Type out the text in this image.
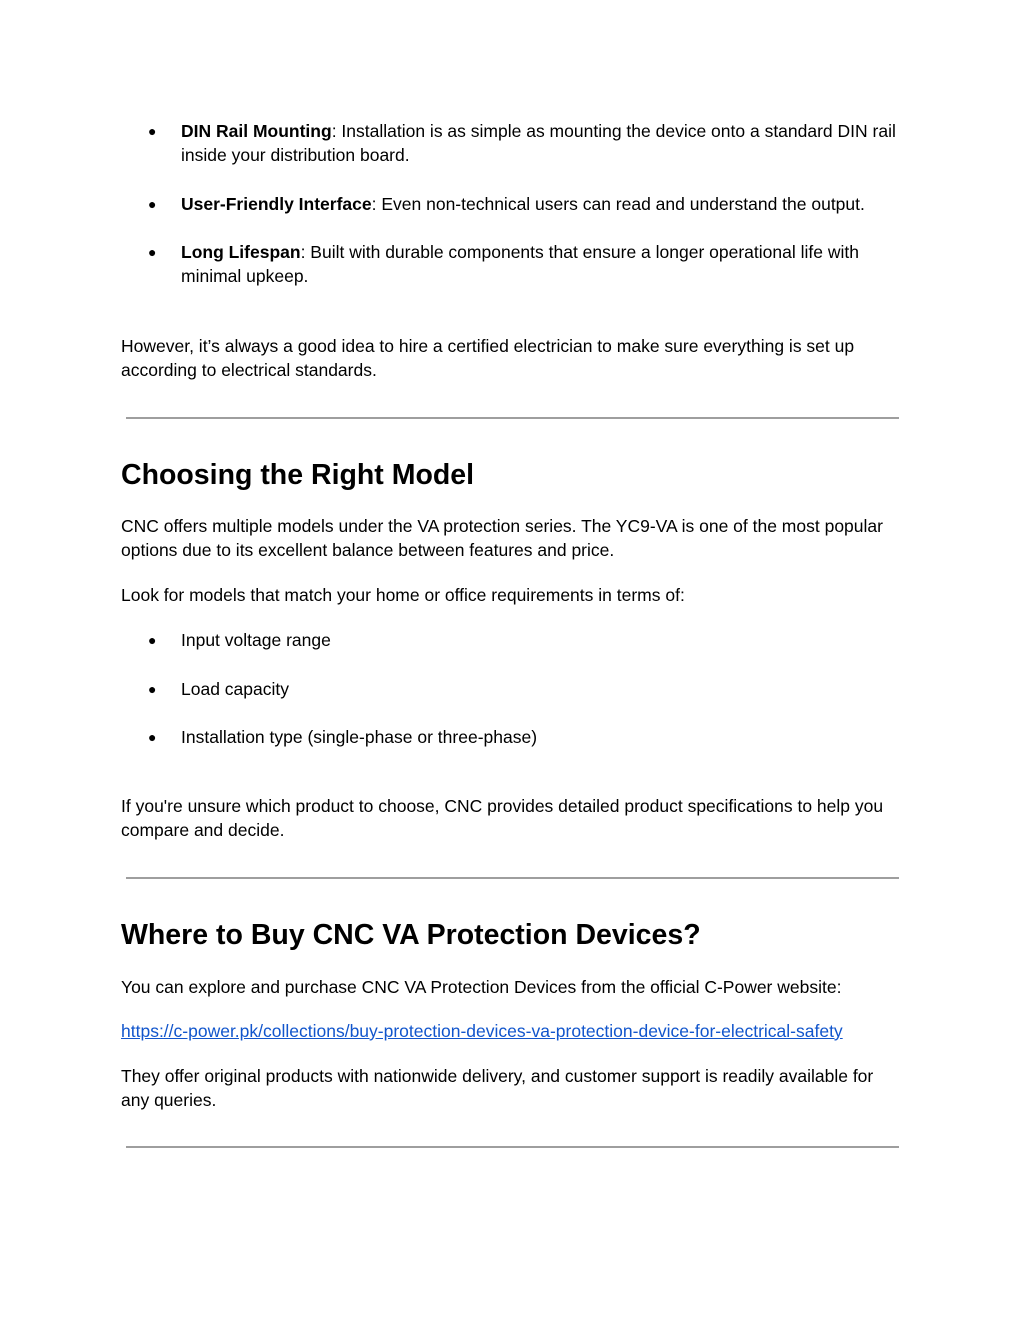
● DIN Rail Mounting: Installation is as simple as mounting the device onto a standard DIN rail inside your distribution board.
● User-Friendly Interface: Even non-technical users can read and understand the output.
● Long Lifespan: Built with durable components that ensure a longer operational life with minimal upkeep.

However, it’s always a good idea to hire a certified electrician to make sure everything is set up according to electrical standards.

Choosing the Right Model

CNC offers multiple models under the VA protection series. The YC9-VA is one of the most popular options due to its excellent balance between features and price.

Look for models that match your home or office requirements in terms of:

● Input voltage range
● Load capacity
● Installation type (single-phase or three-phase)

If you're unsure which product to choose, CNC provides detailed product specifications to help you compare and decide.

Where to Buy CNC VA Protection Devices?

You can explore and purchase CNC VA Protection Devices from the official C-Power website:

https://c-power.pk/collections/buy-protection-devices-va-protection-device-for-electrical-safety

They offer original products with nationwide delivery, and customer support is readily available for any queries.
